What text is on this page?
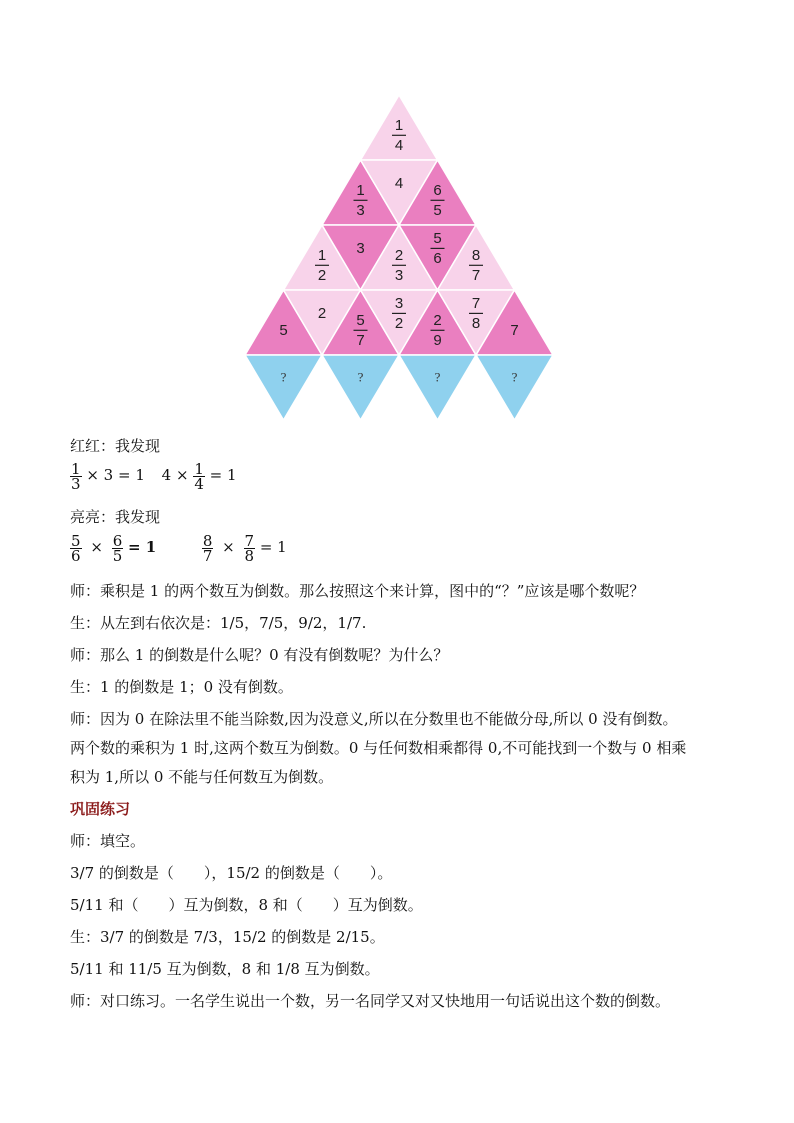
1
4
1
3
4 6
5
1
2
3 2
3
5
6 8
7
5
2 5
7
3
2 2
9
7
8 7
?	?	?	?
红红：我发现
$\frac{1}{3} \times 3 = 1$ $4 \times \frac{1}{4} = 1$
亮亮：我发现
$\frac{5}{6} \times \frac{6}{5} = 1$	$\frac{8}{7} \times \frac{7}{8} = 1$
师：乘积是 1 的两个数互为倒数。那么按照这个来计算，图中的“？”应该是哪个数呢？
生：从左到右依次是：1/5，7/5，9/2，1/7.
师：那么 1 的倒数是什么呢？0 有没有倒数呢？为什么？
生：1 的倒数是 1；0 没有倒数。
师：因为 0 在除法里不能当除数,因为没意义,所以在分数里也不能做分母,所以 0 没有倒数。
两个数的乘积为 1 时,这两个数互为倒数。0 与任何数相乘都得 0,不可能找到一个数与 0 相乘
积为 1,所以 0 不能与任何数互为倒数。
巩固练习
师：填空。
3/7 的倒数是（　　），15/2 的倒数是（　　）。
5/11 和（　　）互为倒数，8 和（　　）互为倒数。
生：3/7 的倒数是 7/3，15/2 的倒数是 2/15。
5/11 和 11/5 互为倒数，8 和 1/8 互为倒数。
师：对口练习。一名学生说出一个数，另一名同学又对又快地用一句话说出这个数的倒数。
